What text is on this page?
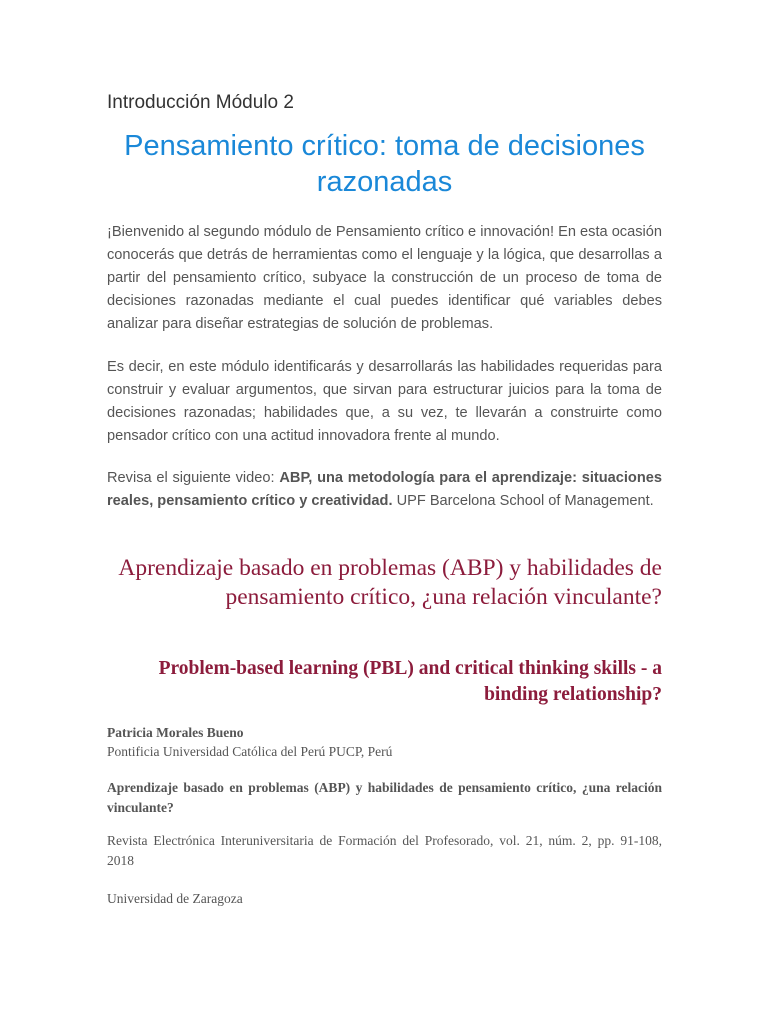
Introducción Módulo 2
Pensamiento crítico: toma de decisiones razonadas

¡Bienvenido al segundo módulo de Pensamiento crítico e innovación! En esta ocasión conocerás que detrás de herramientas como el lenguaje y la lógica, que desarrollas a partir del pensamiento crítico, subyace la construcción de un proceso de toma de decisiones razonadas mediante el cual puedes identificar qué variables debes analizar para diseñar estrategias de solución de problemas.

Es decir, en este módulo identificarás y desarrollarás las habilidades requeridas para construir y evaluar argumentos, que sirvan para estructurar juicios para la toma de decisiones razonadas; habilidades que, a su vez, te llevarán a construirte como pensador crítico con una actitud innovadora frente al mundo.

Revisa el siguiente video: ABP, una metodología para el aprendizaje: situaciones reales, pensamiento crítico y creatividad. UPF Barcelona School of Management.

Aprendizaje basado en problemas (ABP) y habilidades de pensamiento crítico, ¿una relación vinculante?
Problem-based learning (PBL) and critical thinking skills - a binding relationship?
Patricia Morales Bueno
Pontificia Universidad Católica del Perú PUCP, Perú
Aprendizaje basado en problemas (ABP) y habilidades de pensamiento crítico, ¿una relación vinculante?
Revista Electrónica Interuniversitaria de Formación del Profesorado, vol. 21, núm. 2, pp. 91-108, 2018
Universidad de Zaragoza
